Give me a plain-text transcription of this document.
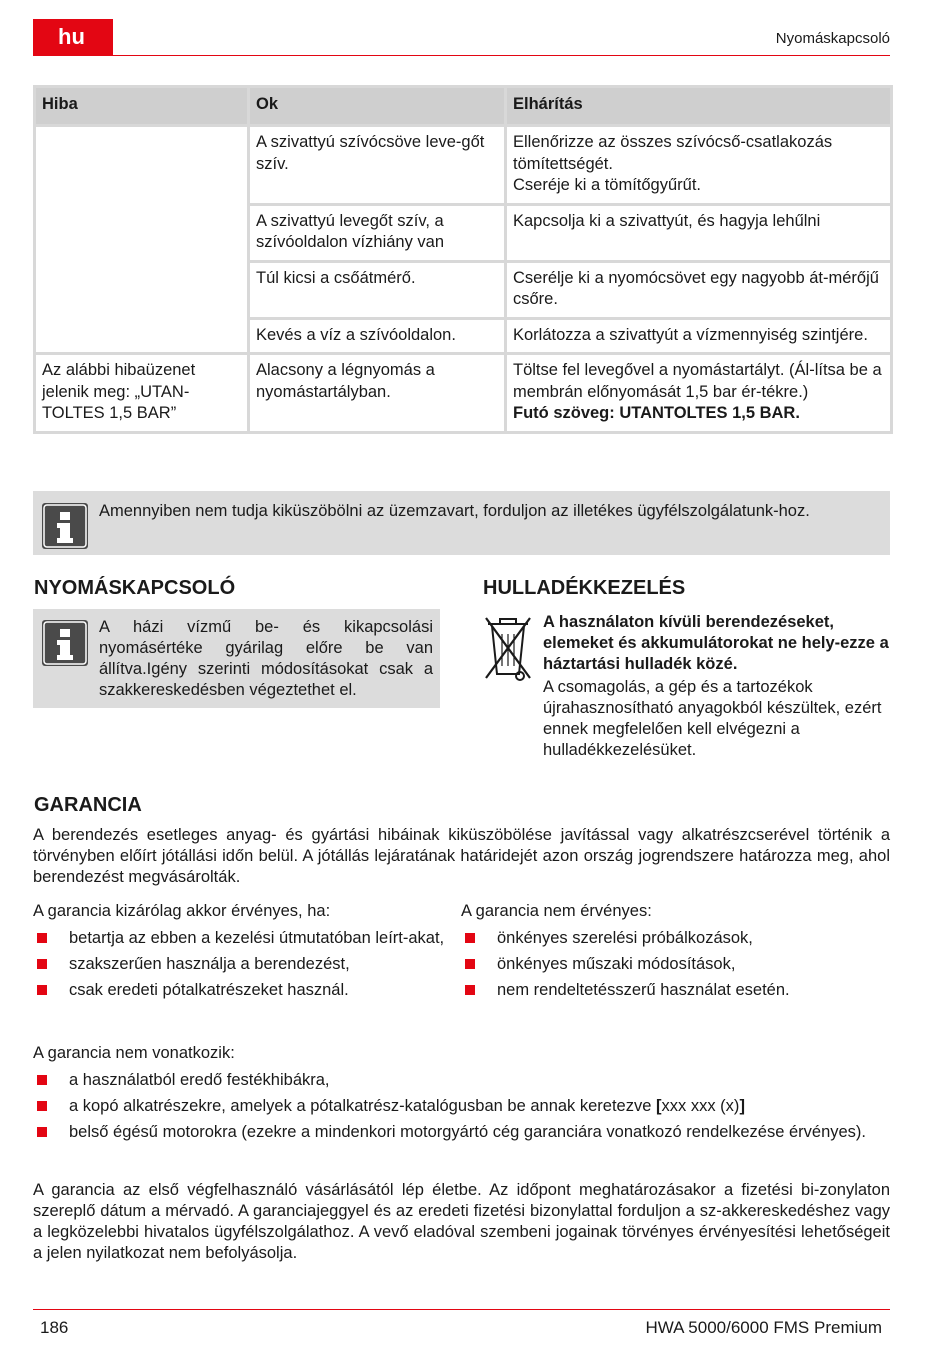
hu	Nyomáskapcsoló
Hiba	Ok	Elhárítás
	A szivattyú szívócsöve leve-gőt szív.	Ellenőrizze az összes szívócső-csatlakozás tömítettségét.
Cseréje ki a tömítőgyűrűt.

	A szivattyú levegőt szív, a szívóoldalon vízhiány van	Kapcsolja ki a szivattyút, és hagyja lehűlni
	Túl kicsi a csőátmérő.	Cserélje ki a nyomócsövet egy nagyobb át-mérőjű csőre.
	Kevés a víz a szívóoldalon.	Korlátozza a szivattyút a vízmennyiség szintjére.
Az alábbi hibaüzenet jelenik meg: „UTAN-TOLTES 1,5 BAR”	Alacsony a légnyomás a nyomástartályban.	Töltse fel levegővel a nyomástartályt. (Ál-lítsa be a membrán előnyomását 1,5 bar ér-tékre.)
Futó szöveg: UTANTOLTES 1,5 BAR.
Amennyiben nem tudja kiküszöbölni az üzemzavart, forduljon az illetékes ügyfélszolgálatunk-hoz.
NYOMÁSKAPCSOLÓ
A házi vízmű be- és kikapcsolási nyomásértéke gyárilag előre be van állítva.Igény szerinti módosításokat csak a szakkereskedésben végeztethet el.
HULLADÉKKEZELÉS
A használaton kívüli berendezéseket, elemeket és akkumulátorokat ne hely-ezze a háztartási hulladék közé.
A csomagolás, a gép és a tartozékok újrahasznosítható anyagokból készültek, ezért ennek megfelelően kell elvégezni a hulladékkezelésüket.
GARANCIA
A berendezés esetleges anyag- és gyártási hibáinak kiküszöbölése javítással vagy alkatrészcserével történik a törvényben előírt jótállási időn belül. A jótállás lejáratának határidejét azon ország jogrendszere határozza meg, ahol berendezést megvásárolták.
A garancia kizárólag akkor érvényes, ha:
betartja az ebben a kezelési útmutatóban leírt-akat,
szakszerűen használja a berendezést,
csak eredeti pótalkatrészeket használ.
A garancia nem érvényes:
önkényes szerelési próbálkozások,
önkényes műszaki módosítások,
nem rendeltetésszerű használat esetén.
A garancia nem vonatkozik:
a használatból eredő festékhibákra,
a kopó alkatrészekre, amelyek a pótalkatrész-katalógusban be annak keretezve [xxx xxx (x)]
belső égésű motorokra (ezekre a mindenkori motorgyártó cég garanciára vonatkozó rendelkezése érvényes).
A garancia az első végfelhasználó vásárlásától lép életbe. Az időpont meghatározásakor a fizetési bi-zonylaton szereplő dátum a mérvadó. A garanciajeggyel és az eredeti fizetési bizonylattal forduljon a sz-akkereskedéshez vagy a legközelebbi hivatalos ügyfélszolgálathoz. A vevő eladóval szembeni jogainak törvényes érvényesítési lehetőségeit a jelen nyilatkozat nem befolyásolja.
186	HWA 5000/6000 FMS Premium
